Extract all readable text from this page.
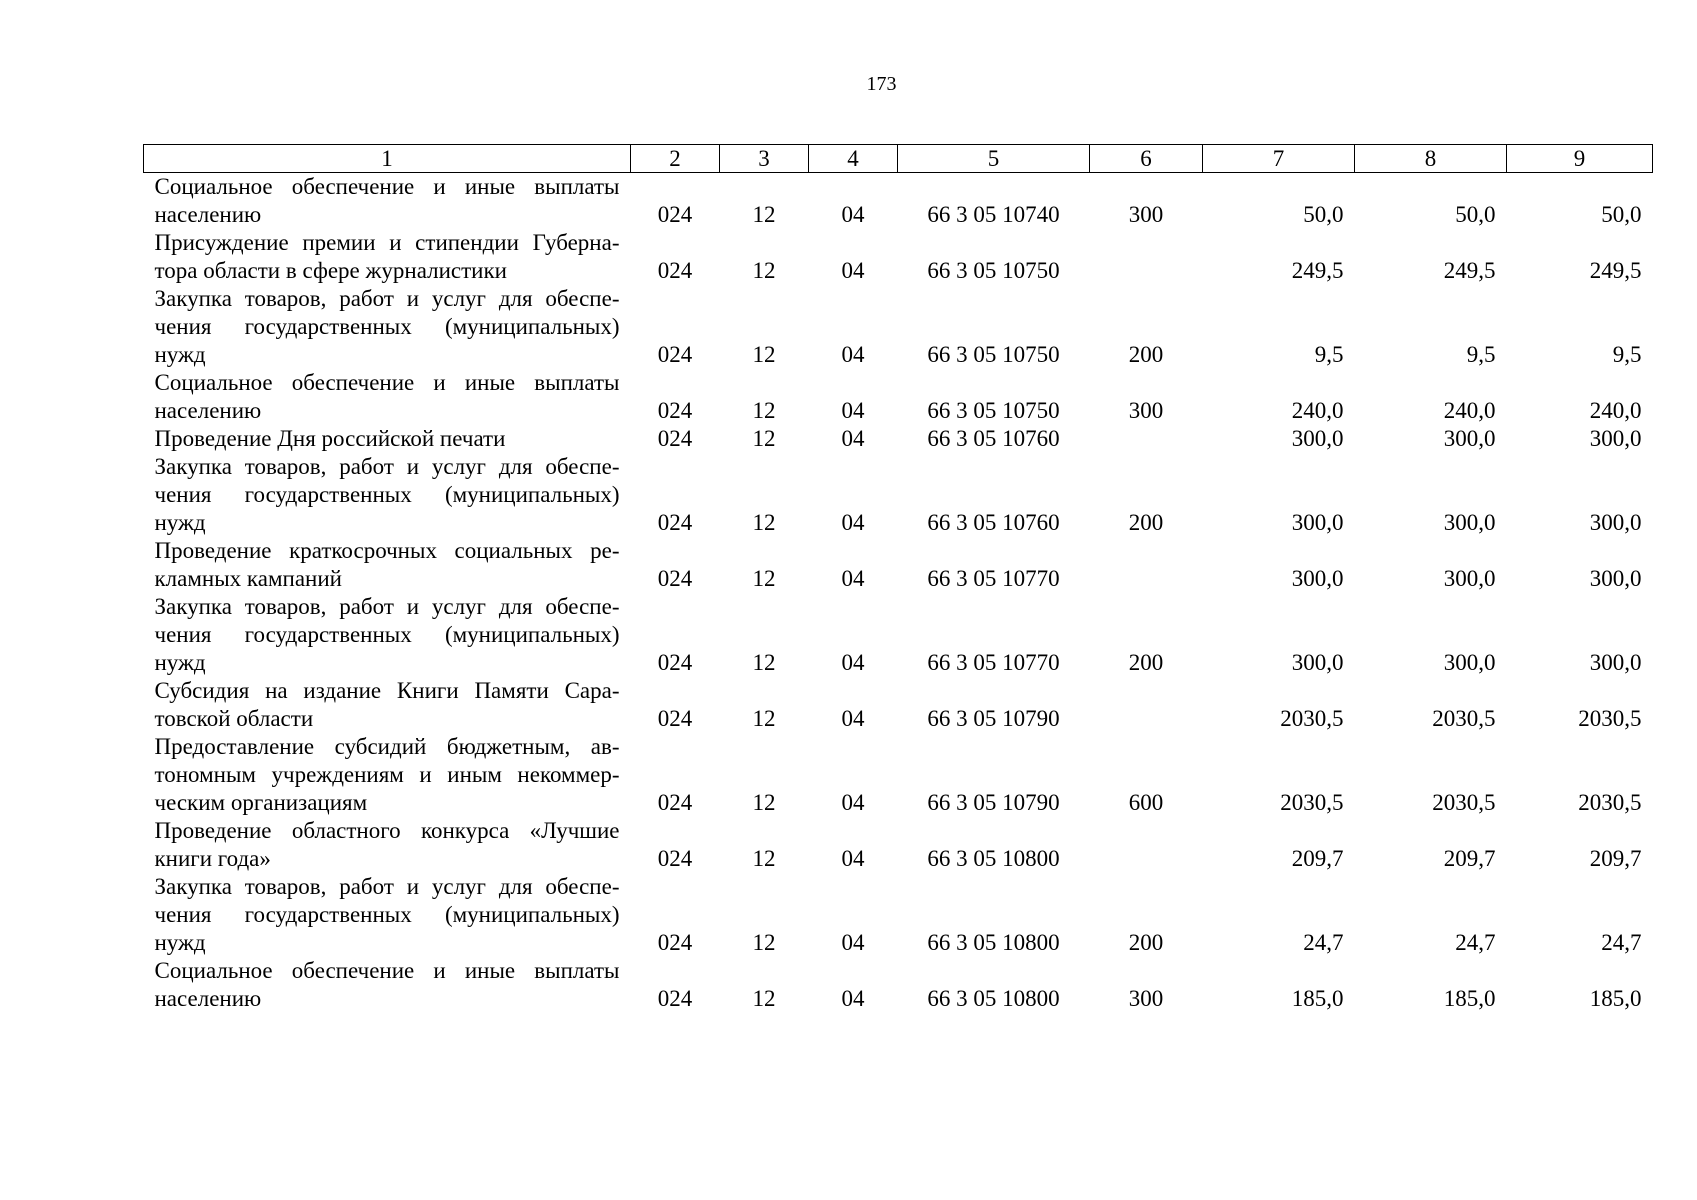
173
1	2	3	4	5	6	7	8	9
Социальное обеспечение и иные выплаты населению	024	12	04	66 3 05 10740	300	50,0	50,0	50,0
Присуждение премии и стипендии Губернатора области в сфере журналистики	024	12	04	66 3 05 10750		249,5	249,5	249,5
Закупка товаров, работ и услуг для обеспечения государственных (муниципальных) нужд	024	12	04	66 3 05 10750	200	9,5	9,5	9,5
Социальное обеспечение и иные выплаты населению	024	12	04	66 3 05 10750	300	240,0	240,0	240,0
Проведение Дня российской печати	024	12	04	66 3 05 10760		300,0	300,0	300,0
Закупка товаров, работ и услуг для обеспечения государственных (муниципальных) нужд	024	12	04	66 3 05 10760	200	300,0	300,0	300,0
Проведение краткосрочных социальных рекламных кампаний	024	12	04	66 3 05 10770		300,0	300,0	300,0
Закупка товаров, работ и услуг для обеспечения государственных (муниципальных) нужд	024	12	04	66 3 05 10770	200	300,0	300,0	300,0
Субсидия на издание Книги Памяти Саратовской области	024	12	04	66 3 05 10790		2030,5	2030,5	2030,5
Предоставление субсидий бюджетным, автономным учреждениям и иным некоммерческим организациям	024	12	04	66 3 05 10790	600	2030,5	2030,5	2030,5
Проведение областного конкурса «Лучшие книги года»	024	12	04	66 3 05 10800		209,7	209,7	209,7
Закупка товаров, работ и услуг для обеспечения государственных (муниципальных) нужд	024	12	04	66 3 05 10800	200	24,7	24,7	24,7
Социальное обеспечение и иные выплаты населению	024	12	04	66 3 05 10800	300	185,0	185,0	185,0
